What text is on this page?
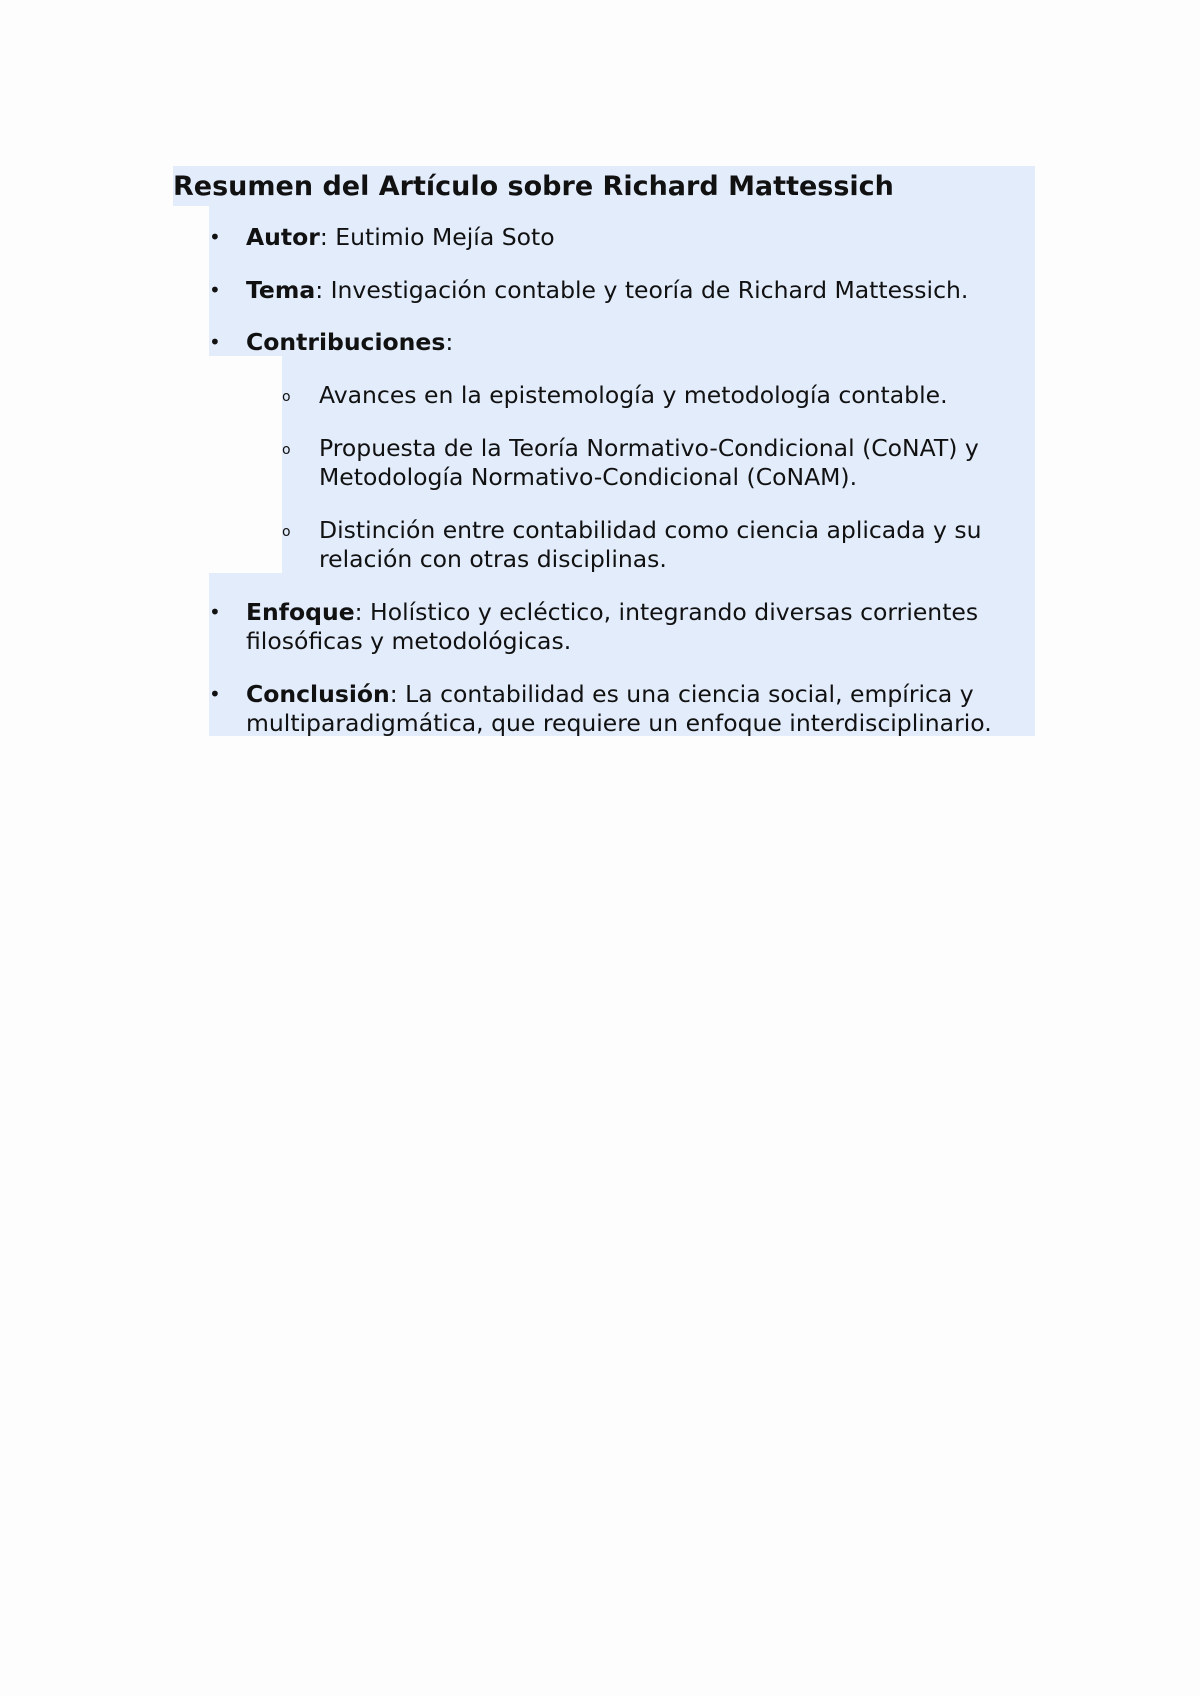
Resumen del Artículo sobre Richard Mattessich
• Autor: Eutimio Mejía Soto
• Tema: Investigación contable y teoría de Richard Mattessich.
• Contribuciones:
o Avances en la epistemología y metodología contable.
o Propuesta de la Teoría Normativo-Condicional (CoNAT) y
Metodología Normativo-Condicional (CoNAM).
o Distinción entre contabilidad como ciencia aplicada y su
relación con otras disciplinas.
• Enfoque: Holístico y ecléctico, integrando diversas corrientes
filosóficas y metodológicas.
• Conclusión: La contabilidad es una ciencia social, empírica y
multiparadigmática, que requiere un enfoque interdisciplinario.
